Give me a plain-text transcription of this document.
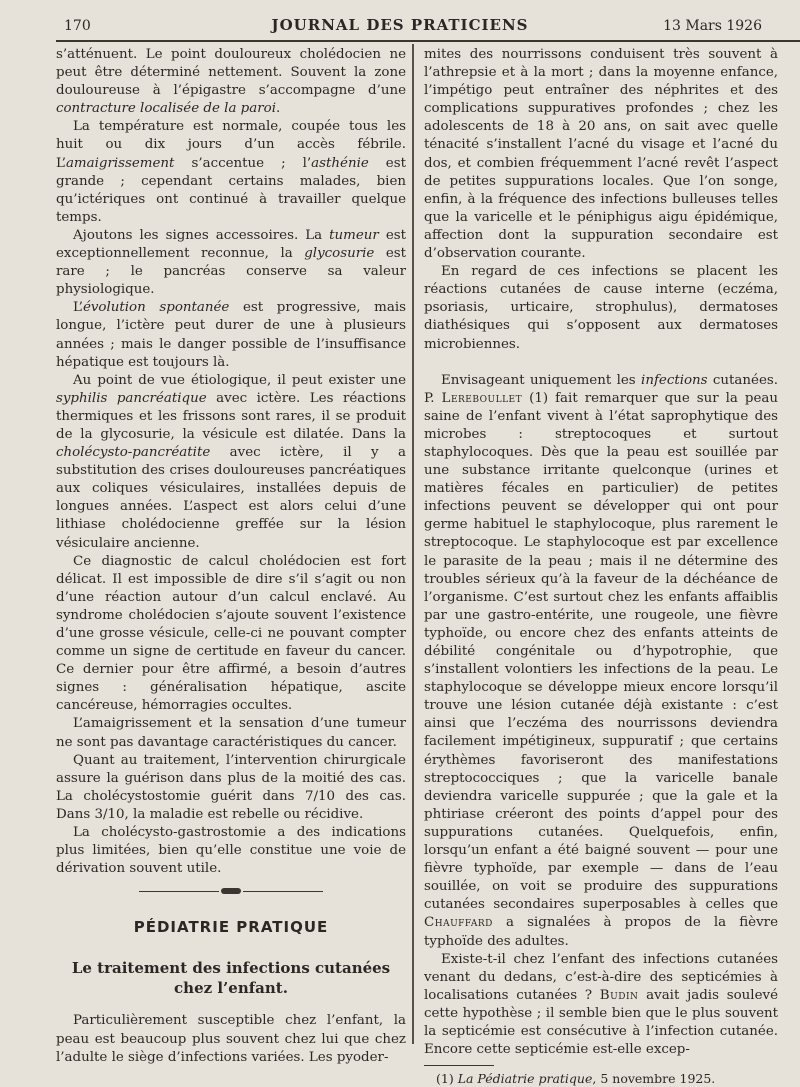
170	JOURNAL DES PRATICIENS	13 Mars 1926

s’atténuent. Le point douloureux cholédocien ne peut être déterminé nettement. Souvent la zone douloureuse à l’épigastre s’accompagne d’une contracture localisée de la paroi.

La température est normale, coupée tous les huit ou dix jours d’un accès fébrile. L’amaigrissement s’accentue ; l’asthénie est grande ; cependant certains malades, bien qu’ictériques ont continué à travailler quelque temps.

Ajoutons les signes accessoires. La tumeur est exceptionnellement reconnue, la glycosurie est rare ; le pancréas conserve sa valeur physiologique.

L’évolution spontanée est progressive, mais longue, l’ictère peut durer de une à plusieurs années ; mais le danger possible de l’insuffisance hépatique est toujours là.

Au point de vue étiologique, il peut exister une syphilis pancréatique avec ictère. Les réactions thermiques et les frissons sont rares, il se produit de la glycosurie, la vésicule est dilatée. Dans la cholécysto-pancréatite avec ictère, il y a substitution des crises douloureuses pancréatiques aux coliques vésiculaires, installées depuis de longues années. L’aspect est alors celui d’une lithiase cholédocienne greffée sur la lésion vésiculaire ancienne.

Ce diagnostic de calcul cholédocien est fort délicat. Il est impossible de dire s’il s’agit ou non d’une réaction autour d’un calcul enclavé. Au syndrome cholédocien s’ajoute souvent l’existence d’une grosse vésicule, celle-ci ne pouvant compter comme un signe de certitude en faveur du cancer. Ce dernier pour être affirmé, a besoin d’autres signes : généralisation hépatique, ascite cancéreuse, hémorragies occultes.

L’amaigrissement et la sensation d’une tumeur ne sont pas davantage caractéristiques du cancer.

Quant au traitement, l’intervention chirurgicale assure la guérison dans plus de la moitié des cas. La cholécystostomie guérit dans 7/10 des cas. Dans 3/10, la maladie est rebelle ou récidive.

La cholécysto-gastrostomie a des indications plus limitées, bien qu’elle constitue une voie de dérivation souvent utile.

PÉDIATRIE PRATIQUE
Le traitement des infections cutanées chez l’enfant.

Particulièrement susceptible chez l’enfant, la peau est beaucoup plus souvent chez lui que chez l’adulte le siège d’infections variées. Les pyoder-

mites des nourrissons conduisent très souvent à l’athrepsie et à la mort ; dans la moyenne enfance, l’impétigo peut entraîner des néphrites et des complications suppuratives profondes ; chez les adolescents de 18 à 20 ans, on sait avec quelle ténacité s’installent l’acné du visage et l’acné du dos, et combien fréquemment l’acné revêt l’aspect de petites suppurations locales. Que l’on songe, enfin, à la fréquence des infections bulleuses telles que la varicelle et le péniphigus aigu épidémique, affection dont la suppuration secondaire est d’observation courante.

En regard de ces infections se placent les réactions cutanées de cause interne (eczéma, psoriasis, urticaire, strophulus), dermatoses diathésiques qui s’opposent aux dermatoses microbiennes.

Envisageant uniquement les infections cutanées. P. Lereboullet (1) fait remarquer que sur la peau saine de l’enfant vivent à l’état saprophytique des microbes : streptocoques et surtout staphylocoques. Dès que la peau est souillée par une substance irritante quelconque (urines et matières fécales en particulier) de petites infections peuvent se développer qui ont pour germe habituel le staphylocoque, plus rarement le streptocoque. Le staphylocoque est par excellence le parasite de la peau ; mais il ne détermine des troubles sérieux qu’à la faveur de la déchéance de l’organisme. C’est surtout chez les enfants affaiblis par une gastro-entérite, une rougeole, une fièvre typhoïde, ou encore chez des enfants atteints de débilité congénitale ou d’hypotrophie, que s’installent volontiers les infections de la peau. Le staphylocoque se développe mieux encore lorsqu’il trouve une lésion cutanée déjà existante : c’est ainsi que l’eczéma des nourrissons deviendra facilement impétigineux, suppuratif ; que certains érythèmes favoriseront des manifestations streptococciques ; que la varicelle banale deviendra varicelle suppurée ; que la gale et la phtiriase créeront des points d’appel pour des suppurations cutanées. Quelquefois, enfin, lorsqu’un enfant a été baigné souvent — pour une fièvre typhoïde, par exemple — dans de l’eau souillée, on voit se produire des suppurations cutanées secondaires superposables à celles que Chauffard a signalées à propos de la fièvre typhoïde des adultes.

Existe-t-il chez l’enfant des infections cutanées venant du dedans, c’est-à-dire des septicémies à localisations cutanées ? Budin avait jadis soulevé cette hypothèse ; il semble bien que le plus souvent la septicémie est consécutive à l’infection cutanée. Encore cette septicémie est-elle excep-

(1) La Pédiatrie pratique, 5 novembre 1925.
